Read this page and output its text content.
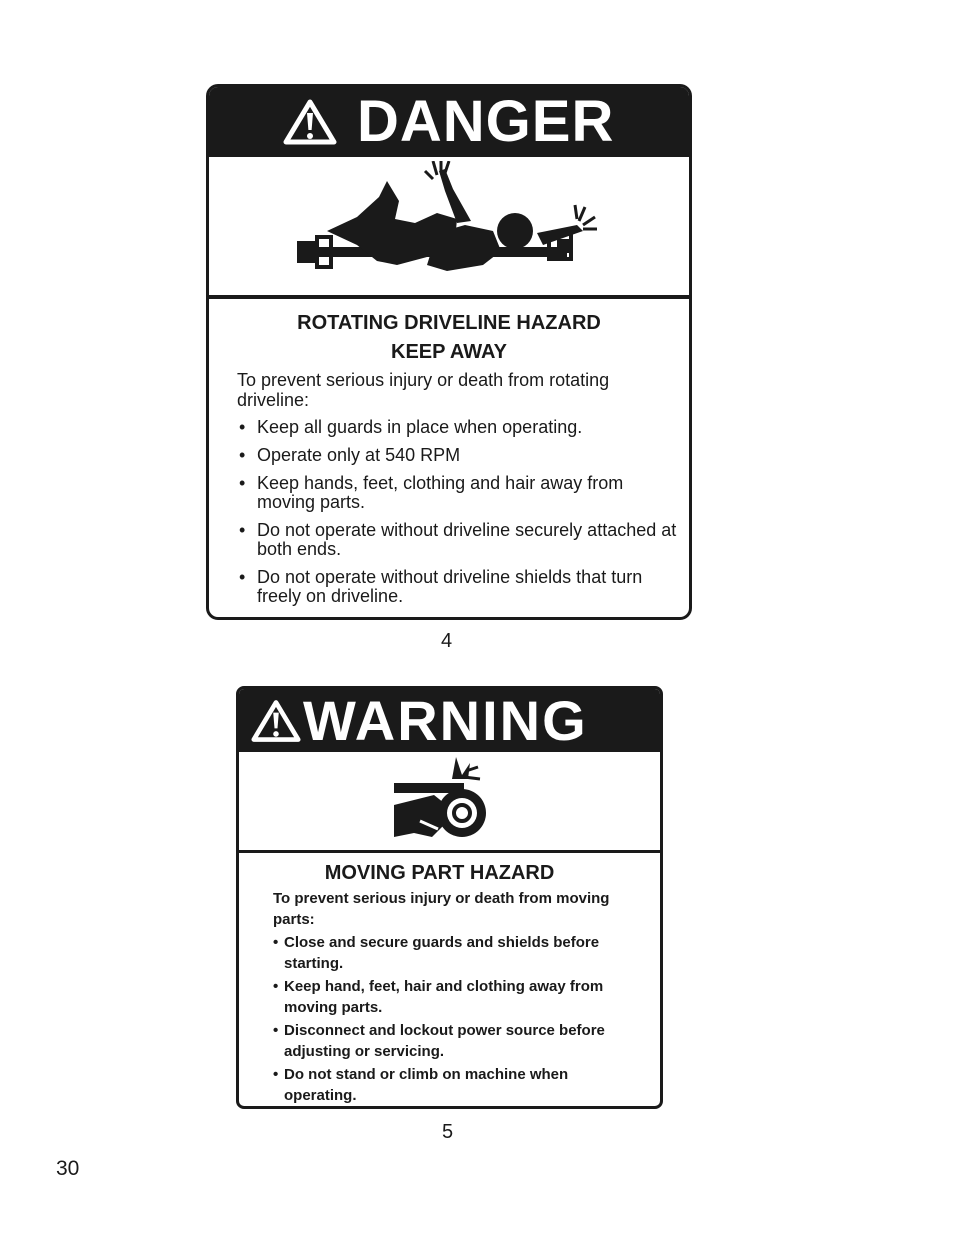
DANGER
ROTATING DRIVELINE HAZARD
KEEP AWAY
To prevent serious injury or death from rotating driveline:
• Keep all guards in place when operating.
• Operate only at 540 RPM
• Keep hands, feet, clothing and hair away from moving parts.
• Do not operate without driveline securely attached at both ends.
• Do not operate without driveline shields that turn freely on driveline.
4
WARNING
MOVING PART HAZARD
To prevent serious injury or death from moving parts:
• Close and secure guards and shields before starting.
• Keep hand, feet, hair and clothing away from moving parts.
• Disconnect and lockout power source before adjusting or servicing.
• Do not stand or climb on machine when operating.
5
30
